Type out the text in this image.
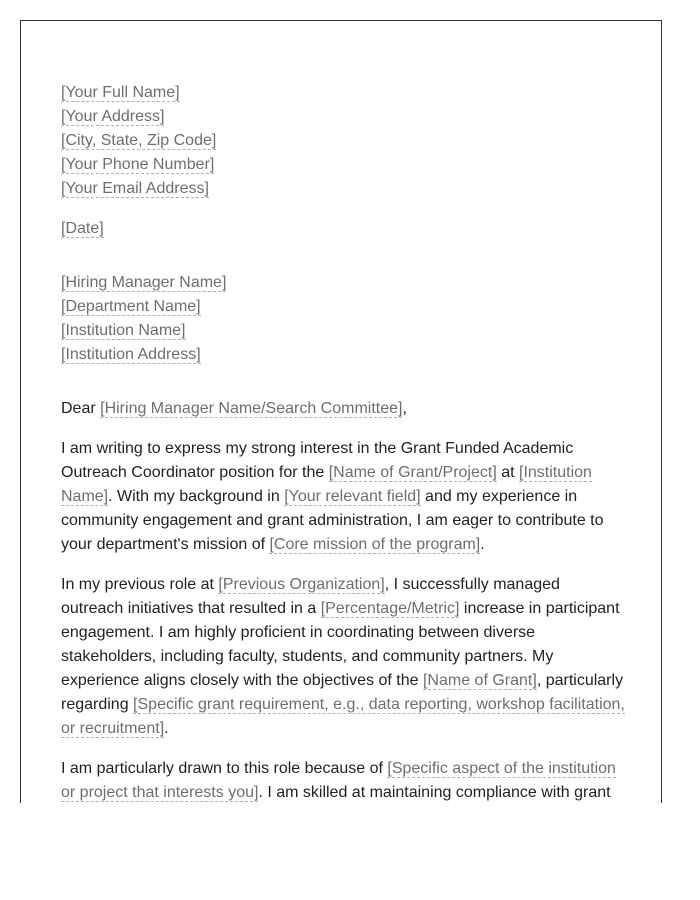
[Your Full Name]

[Your Address]

[City, State, Zip Code]

[Your Phone Number]

[Your Email Address]

[Date]

[Hiring Manager Name]

[Department Name]

[Institution Name]

[Institution Address]

Dear [Hiring Manager Name/Search Committee],

I am writing to express my strong interest in the Grant Funded Academic Outreach Coordinator position for the [Name of Grant/Project] at [Institution Name]. With my background in [Your relevant field] and my experience in community engagement and grant administration, I am eager to contribute to your department's mission of [Core mission of the program].

In my previous role at [Previous Organization], I successfully managed outreach initiatives that resulted in a [Percentage/Metric] increase in participant engagement. I am highly proficient in coordinating between diverse stakeholders, including faculty, students, and community partners. My experience aligns closely with the objectives of the [Name of Grant], particularly regarding [Specific grant requirement, e.g., data reporting, workshop facilitation, or recruitment].

I am particularly drawn to this role because of [Specific aspect of the institution or project that interests you]. I am skilled at maintaining compliance with grant
